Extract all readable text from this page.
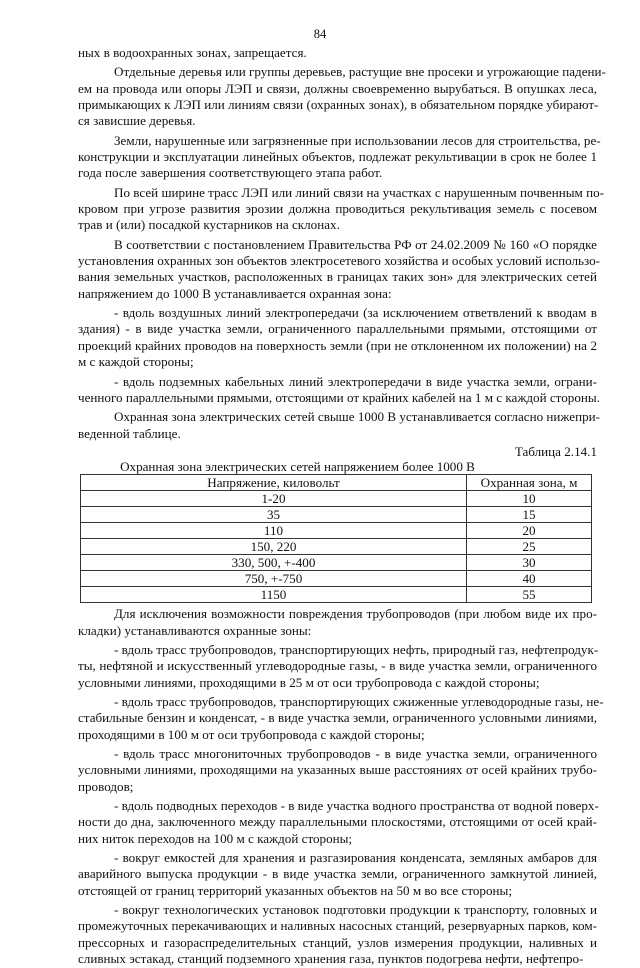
84
ных в водоохранных зонах, запрещается.
Отдельные деревья или группы деревьев, растущие вне просеки и угрожающие падени-
ем на провода или опоры ЛЭП и связи, должны своевременно вырубаться. В опушках леса,
примыкающих к ЛЭП или линиям связи (охранных зонах), в обязательном порядке убирают-
ся зависшие деревья.
Земли, нарушенные или загрязненные при использовании лесов для строительства, ре-
конструкции и эксплуатации линейных объектов, подлежат рекультивации в срок не более 1
года после завершения соответствующего этапа работ.
По всей ширине трасс ЛЭП или линий связи на участках с нарушенным почвенным по-
кровом при угрозе развития эрозии должна проводиться рекультивация земель с посевом
трав и (или) посадкой кустарников на склонах.
В соответствии с постановлением Правительства РФ от 24.02.2009 № 160 «О порядке
установления охранных зон объектов электросетевого хозяйства и особых условий использо-
вания земельных участков, расположенных в границах таких зон» для электрических сетей
напряжением до 1000 В устанавливается охранная зона:
- вдоль воздушных линий электропередачи (за исключением ответвлений к вводам в
здания) - в виде участка земли, ограниченного параллельными прямыми, отстоящими от
проекций крайних проводов на поверхность земли (при не отклоненном их положении) на 2
м с каждой стороны;
- вдоль подземных кабельных линий электропередачи в виде участка земли, ограни-
ченного параллельными прямыми, отстоящими от крайних кабелей на 1 м с каждой стороны.
Охранная зона электрических сетей свыше 1000 В устанавливается согласно нижепри-
веденной таблице.
Таблица 2.14.1
Охранная зона электрических сетей напряжением более 1000 В
Напряжение, киловольт	Охранная зона, м
1-20	10
35	15
110	20
150, 220	25
330, 500, +-400	30
750, +-750	40
1150	55
Для исключения возможности повреждения трубопроводов (при любом виде их про-
кладки) устанавливаются охранные зоны:
- вдоль трасс трубопроводов, транспортирующих нефть, природный газ, нефтепродук-
ты, нефтяной и искусственный углеводородные газы, - в виде участка земли, ограниченного
условными линиями, проходящими в 25 м от оси трубопровода с каждой стороны;
- вдоль трасс трубопроводов, транспортирующих сжиженные углеводородные газы, не-
стабильные бензин и конденсат, - в виде участка земли, ограниченного условными линиями,
проходящими в 100 м от оси трубопровода с каждой стороны;
- вдоль трасс многониточных трубопроводов - в виде участка земли, ограниченного
условными линиями, проходящими на указанных выше расстояниях от осей крайних трубо-
проводов;
- вдоль подводных переходов - в виде участка водного пространства от водной поверх-
ности до дна, заключенного между параллельными плоскостями, отстоящими от осей край-
них ниток переходов на 100 м с каждой стороны;
- вокруг емкостей для хранения и разгазирования конденсата, земляных амбаров для
аварийного выпуска продукции - в виде участка земли, ограниченного замкнутой линией,
отстоящей от границ территорий указанных объектов на 50 м во все стороны;
- вокруг технологических установок подготовки продукции к транспорту, головных и
промежуточных перекачивающих и наливных насосных станций, резервуарных парков, ком-
прессорных и газораспределительных станций, узлов измерения продукции, наливных и
сливных эстакад, станций подземного хранения газа, пунктов подогрева нефти, нефтепро-
